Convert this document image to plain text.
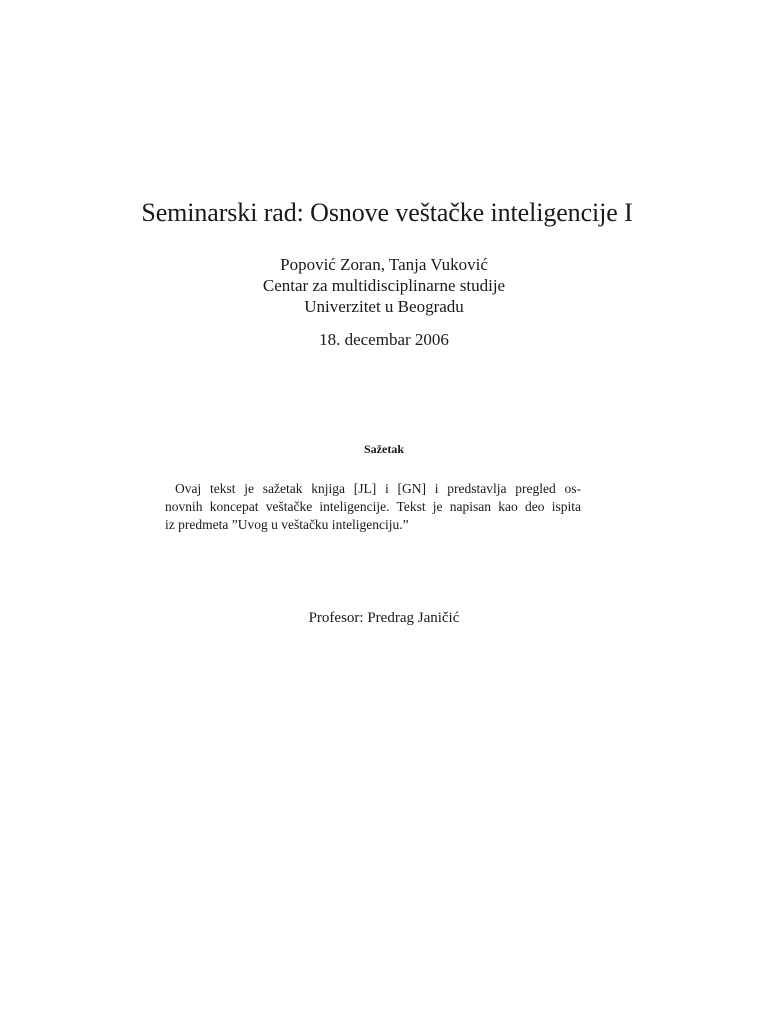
Seminarski rad: Osnove veštačke inteligencije I
Popović Zoran, Tanja Vuković
Centar za multidisciplinarne studije
Univerzitet u Beogradu
18. decembar 2006
Sažetak
Ovaj tekst je sažetak knjiga [JL] i [GN] i predstavlja pregled os-
novnih koncepat veštačke inteligencije. Tekst je napisan kao deo ispita
iz predmeta ”Uvog u veštačku inteligenciju.”
Profesor: Predrag Janičić
